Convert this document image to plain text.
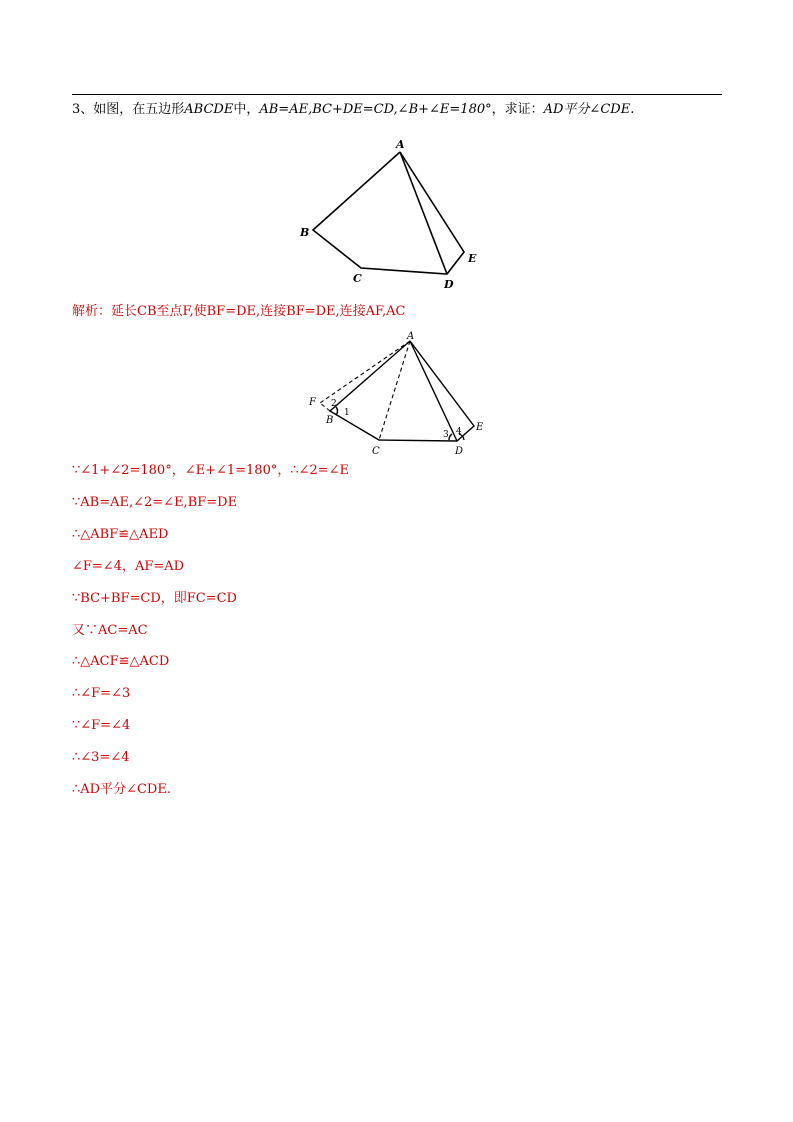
3、如图，在五边形ABCDE中，AB=AE,BC+DE=CD,∠B+∠E=180°，求证：AD平分∠CDE.
A
B
C	D
E
解析：延长CB至点F,使BF=DE,连接BF=DE,连接AF,AC
A
F
B
C	D
E
2
1
3 4
∵∠1+∠2=180°，∠E+∠1=180°，∴∠2=∠E
∵AB=AE,∠2=∠E,BF=DE
∴△ABF≌△AED
∠F=∠4，AF=AD
∵BC+BF=CD，即FC=CD
又∵AC=AC
∴△ACF≌△ACD
∴∠F=∠3
∵∠F=∠4
∴∠3=∠4
∴AD平分∠CDE.
